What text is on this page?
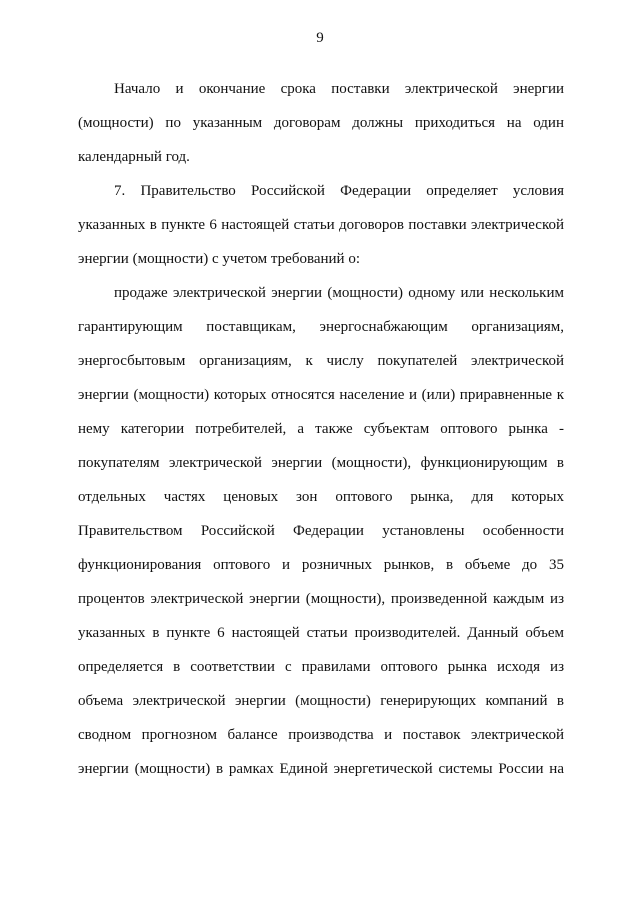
9

Начало и окончание срока поставки электрической энергии
(мощности) по указанным договорам должны приходиться на один
календарный год.

7. Правительство Российской Федерации определяет условия
указанных в пункте 6 настоящей статьи договоров поставки электрической
энергии (мощности) с учетом требований о:

продаже электрической энергии (мощности) одному или нескольким
гарантирующим поставщикам, энергоснабжающим организациям,
энергосбытовым организациям, к числу покупателей электрической
энергии (мощности) которых относятся население и (или) приравненные к
нему категории потребителей, а также субъектам оптового рынка -
покупателям электрической энергии (мощности), функционирующим в
отдельных частях ценовых зон оптового рынка, для которых
Правительством Российской Федерации установлены особенности
функционирования оптового и розничных рынков, в объеме до 35
процентов электрической энергии (мощности), произведенной каждым из
указанных в пункте 6 настоящей статьи производителей. Данный объем
определяется в соответствии с правилами оптового рынка исходя из
объема электрической энергии (мощности) генерирующих компаний в
сводном прогнозном балансе производства и поставок электрической
энергии (мощности) в рамках Единой энергетической системы России на
